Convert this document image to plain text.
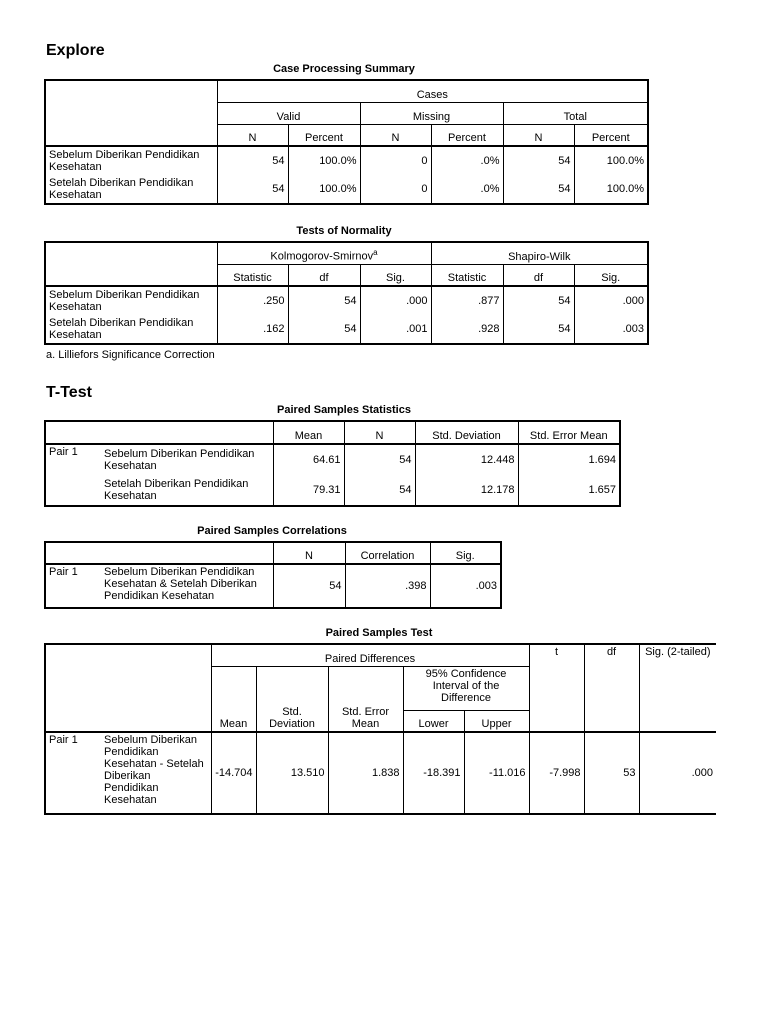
Explore
Case Processing Summary
	Cases					
	Valid		Missing		Total	
	N	Percent	N	Percent	N	Percent
Sebelum Diberikan Pendidikan Kesehatan	54	100.0%	0	.0%	54	100.0%
Setelah Diberikan Pendidikan Kesehatan	54	100.0%	0	.0%	54	100.0%
Tests of Normality
	Kolmogorov-Smirnov$^a$			Shapiro-Wilk		
	Statistic	df	Sig.	Statistic	df	Sig.
Sebelum Diberikan Pendidikan Kesehatan	.250	54	.000	.877	54	.000
Setelah Diberikan Pendidikan Kesehatan	.162	54	.001	.928	54	.003
a. Lilliefors Significance Correction
T-Test
Paired Samples Statistics
		Mean	N	Std. Deviation	Std. Error Mean
Pair 1	Sebelum Diberikan Pendidikan Kesehatan	64.61	54	12.448	1.694
	Setelah Diberikan Pendidikan Kesehatan	79.31	54	12.178	1.657
Paired Samples Correlations
		N	Correlation	Sig.
Pair 1	Sebelum Diberikan Pendidikan Kesehatan & Setelah Diberikan Pendidikan Kesehatan	54	.398	.003
Paired Samples Test
		Paired Differences					t	df	Sig. (2-tailed)
		Mean	Std. Deviation	Std. Error Mean	95% Confidence Interval of the Difference				
					Lower	Upper			
Pair 1	Sebelum Diberikan Pendidikan Kesehatan - Setelah Diberikan Pendidikan Kesehatan	-14.704	13.510	1.838	-18.391	-11.016	-7.998	53	.000
